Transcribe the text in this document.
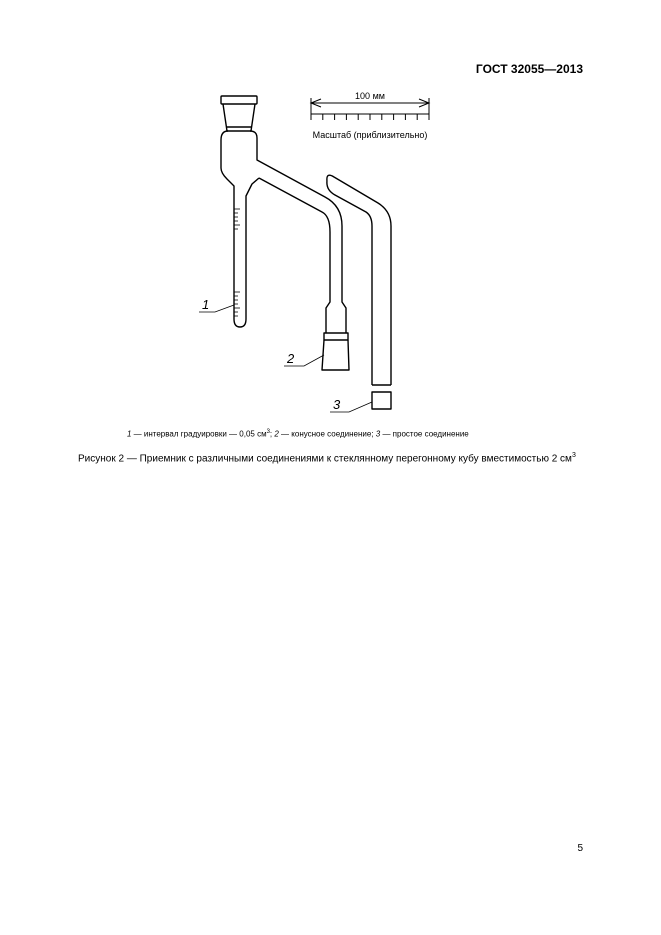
ГОСТ 32055—2013
100 мм
Масштаб (приблизительно)
1
2
3
1 — интервал градуировки — 0,05 $см^3$; 2 — конусное соединение; 3 — простое соединение
Рисунок 2 — Приемник с различными соединениями к стеклянному перегонному кубу вместимостью 2 $см^3$
5
